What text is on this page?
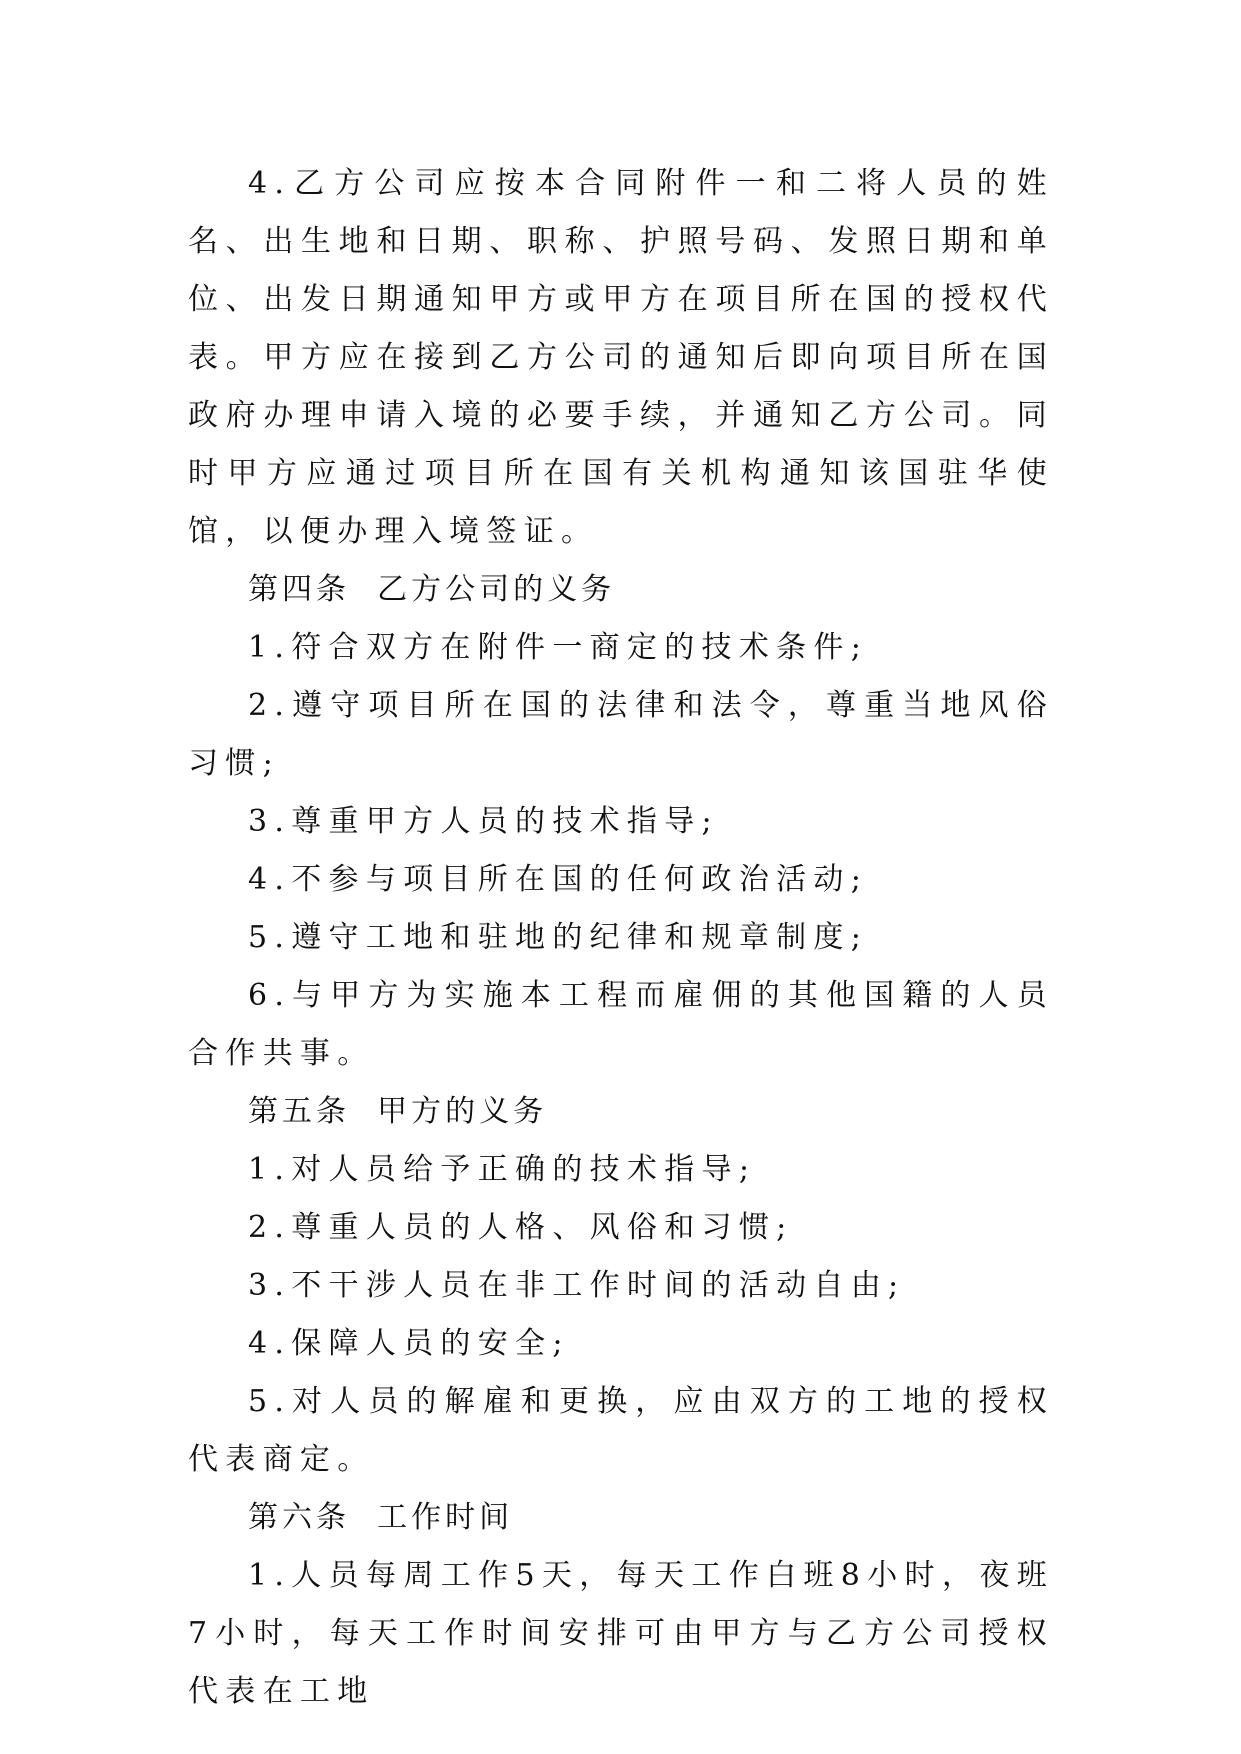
4.乙方公司应按本合同附件一和二将人员的姓名、出生地和日期、职称、护照号码、发照日期和单位、出发日期通知甲方或甲方在项目所在国的授权代表。甲方应在接到乙方公司的通知后即向项目所在国政府办理申请入境的必要手续，并通知乙方公司。同时甲方应通过项目所在国有关机构通知该国驻华使馆，以便办理入境签证。

第四条  乙方公司的义务

1.符合双方在附件一商定的技术条件;

2.遵守项目所在国的法律和法令，尊重当地风俗习惯;

3.尊重甲方人员的技术指导;

4.不参与项目所在国的任何政治活动;

5.遵守工地和驻地的纪律和规章制度;

6.与甲方为实施本工程而雇佣的其他国籍的人员合作共事。

第五条  甲方的义务

1.对人员给予正确的技术指导;

2.尊重人员的人格、风俗和习惯;

3.不干涉人员在非工作时间的活动自由;

4.保障人员的安全;

5.对人员的解雇和更换，应由双方的工地的授权代表商定。

第六条  工作时间

1.人员每周工作5天，每天工作白班8小时，夜班7小时，每天工作时间安排可由甲方与乙方公司授权代表在工地
